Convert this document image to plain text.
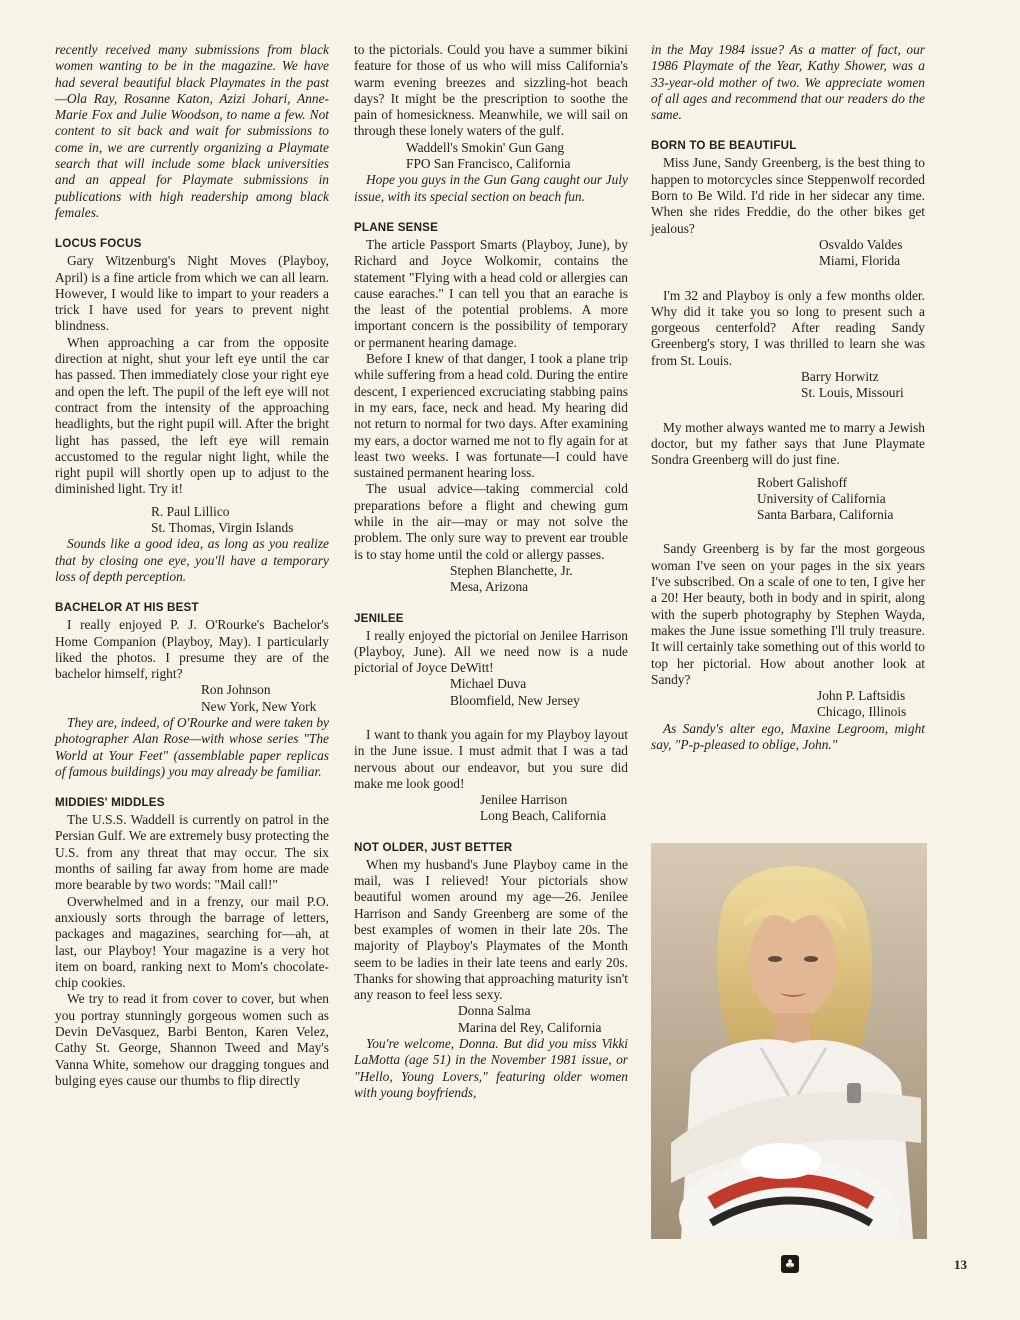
recently received many submissions from black women wanting to be in the magazine. We have had several beautiful black Playmates in the past—Ola Ray, Rosanne Katon, Azizi Johari, Anne-Marie Fox and Julie Woodson, to name a few. Not content to sit back and wait for submissions to come in, we are currently organizing a Playmate search that will include some black universities and an appeal for Playmate submissions in publications with high readership among black females.

LOCUS FOCUS

Gary Witzenburg's Night Moves (Playboy, April) is a fine article from which we can all learn. However, I would like to impart to your readers a trick I have used for years to prevent night blindness.

When approaching a car from the opposite direction at night, shut your left eye until the car has passed. Then immediately close your right eye and open the left. The pupil of the left eye will not contract from the intensity of the approaching headlights, but the right pupil will. After the bright light has passed, the left eye will remain accustomed to the regular night light, while the right pupil will shortly open up to adjust to the diminished light. Try it!

R. Paul Lillico
St. Thomas, Virgin Islands

Sounds like a good idea, as long as you realize that by closing one eye, you'll have a temporary loss of depth perception.

BACHELOR AT HIS BEST

I really enjoyed P. J. O'Rourke's Bachelor's Home Companion (Playboy, May). I particularly liked the photos. I presume they are of the bachelor himself, right?

Ron Johnson
New York, New York

They are, indeed, of O'Rourke and were taken by photographer Alan Rose—with whose series "The World at Your Feet" (assemblable paper replicas of famous buildings) you may already be familiar.

MIDDIES' MIDDLES

The U.S.S. Waddell is currently on patrol in the Persian Gulf. We are extremely busy protecting the U.S. from any threat that may occur. The six months of sailing far away from home are made more bearable by two words: "Mail call!"

Overwhelmed and in a frenzy, our mail P.O. anxiously sorts through the barrage of letters, packages and magazines, searching for—ah, at last, our Playboy! Your magazine is a very hot item on board, ranking next to Mom's chocolate-chip cookies.

We try to read it from cover to cover, but when you portray stunningly gorgeous women such as Devin DeVasquez, Barbi Benton, Karen Velez, Cathy St. George, Shannon Tweed and May's Vanna White, somehow our dragging tongues and bulging eyes cause our thumbs to flip directly

to the pictorials. Could you have a summer bikini feature for those of us who will miss California's warm evening breezes and sizzling-hot beach days? It might be the prescription to soothe the pain of homesickness. Meanwhile, we will sail on through these lonely waters of the gulf.

Waddell's Smokin' Gun Gang
FPO San Francisco, California

Hope you guys in the Gun Gang caught our July issue, with its special section on beach fun.

PLANE SENSE

The article Passport Smarts (Playboy, June), by Richard and Joyce Wolkomir, contains the statement "Flying with a head cold or allergies can cause earaches." I can tell you that an earache is the least of the potential problems. A more important concern is the possibility of temporary or permanent hearing damage.

Before I knew of that danger, I took a plane trip while suffering from a head cold. During the entire descent, I experienced excruciating stabbing pains in my ears, face, neck and head. My hearing did not return to normal for two days. After examining my ears, a doctor warned me not to fly again for at least two weeks. I was fortunate—I could have sustained permanent hearing loss.

The usual advice—taking commercial cold preparations before a flight and chewing gum while in the air—may or may not solve the problem. The only sure way to prevent ear trouble is to stay home until the cold or allergy passes.

Stephen Blanchette, Jr.
Mesa, Arizona
JENILEE

I really enjoyed the pictorial on Jenilee Harrison (Playboy, June). All we need now is a nude pictorial of Joyce DeWitt!

Michael Duva
Bloomfield, New Jersey

I want to thank you again for my Playboy layout in the June issue. I must admit that I was a tad nervous about our endeavor, but you sure did make me look good!

Jenilee Harrison
Long Beach, California
NOT OLDER, JUST BETTER

When my husband's June Playboy came in the mail, was I relieved! Your pictorials show beautiful women around my age—26. Jenilee Harrison and Sandy Greenberg are some of the best examples of women in their late 20s. The majority of Playboy's Playmates of the Month seem to be ladies in their late teens and early 20s. Thanks for showing that approaching maturity isn't any reason to feel less sexy.

Donna Salma
Marina del Rey, California

You're welcome, Donna. But did you miss Vikki LaMotta (age 51) in the November 1981 issue, or "Hello, Young Lovers," featuring older women with young boyfriends,

in the May 1984 issue? As a matter of fact, our 1986 Playmate of the Year, Kathy Shower, was a 33-year-old mother of two. We appreciate women of all ages and recommend that our readers do the same.

BORN TO BE BEAUTIFUL

Miss June, Sandy Greenberg, is the best thing to happen to motorcycles since Steppenwolf recorded Born to Be Wild. I'd ride in her sidecar any time. When she rides Freddie, do the other bikes get jealous?

Osvaldo Valdes
Miami, Florida

I'm 32 and Playboy is only a few months older. Why did it take you so long to present such a gorgeous centerfold? After reading Sandy Greenberg's story, I was thrilled to learn she was from St. Louis.

Barry Horwitz
St. Louis, Missouri

My mother always wanted me to marry a Jewish doctor, but my father says that June Playmate Sondra Greenberg will do just fine.

Robert Galishoff
University of California
Santa Barbara, California

Sandy Greenberg is by far the most gorgeous woman I've seen on your pages in the six years I've subscribed. On a scale of one to ten, I give her a 20! Her beauty, both in body and in spirit, along with the superb photography by Stephen Wayda, makes the June issue something I'll truly treasure. It will certainly take something out of this world to top her pictorial. How about another look at Sandy?

John P. Laftsidis
Chicago, Illinois

As Sandy's alter ego, Maxine Legroom, might say, "P-p-pleased to oblige, John."

♣	13
